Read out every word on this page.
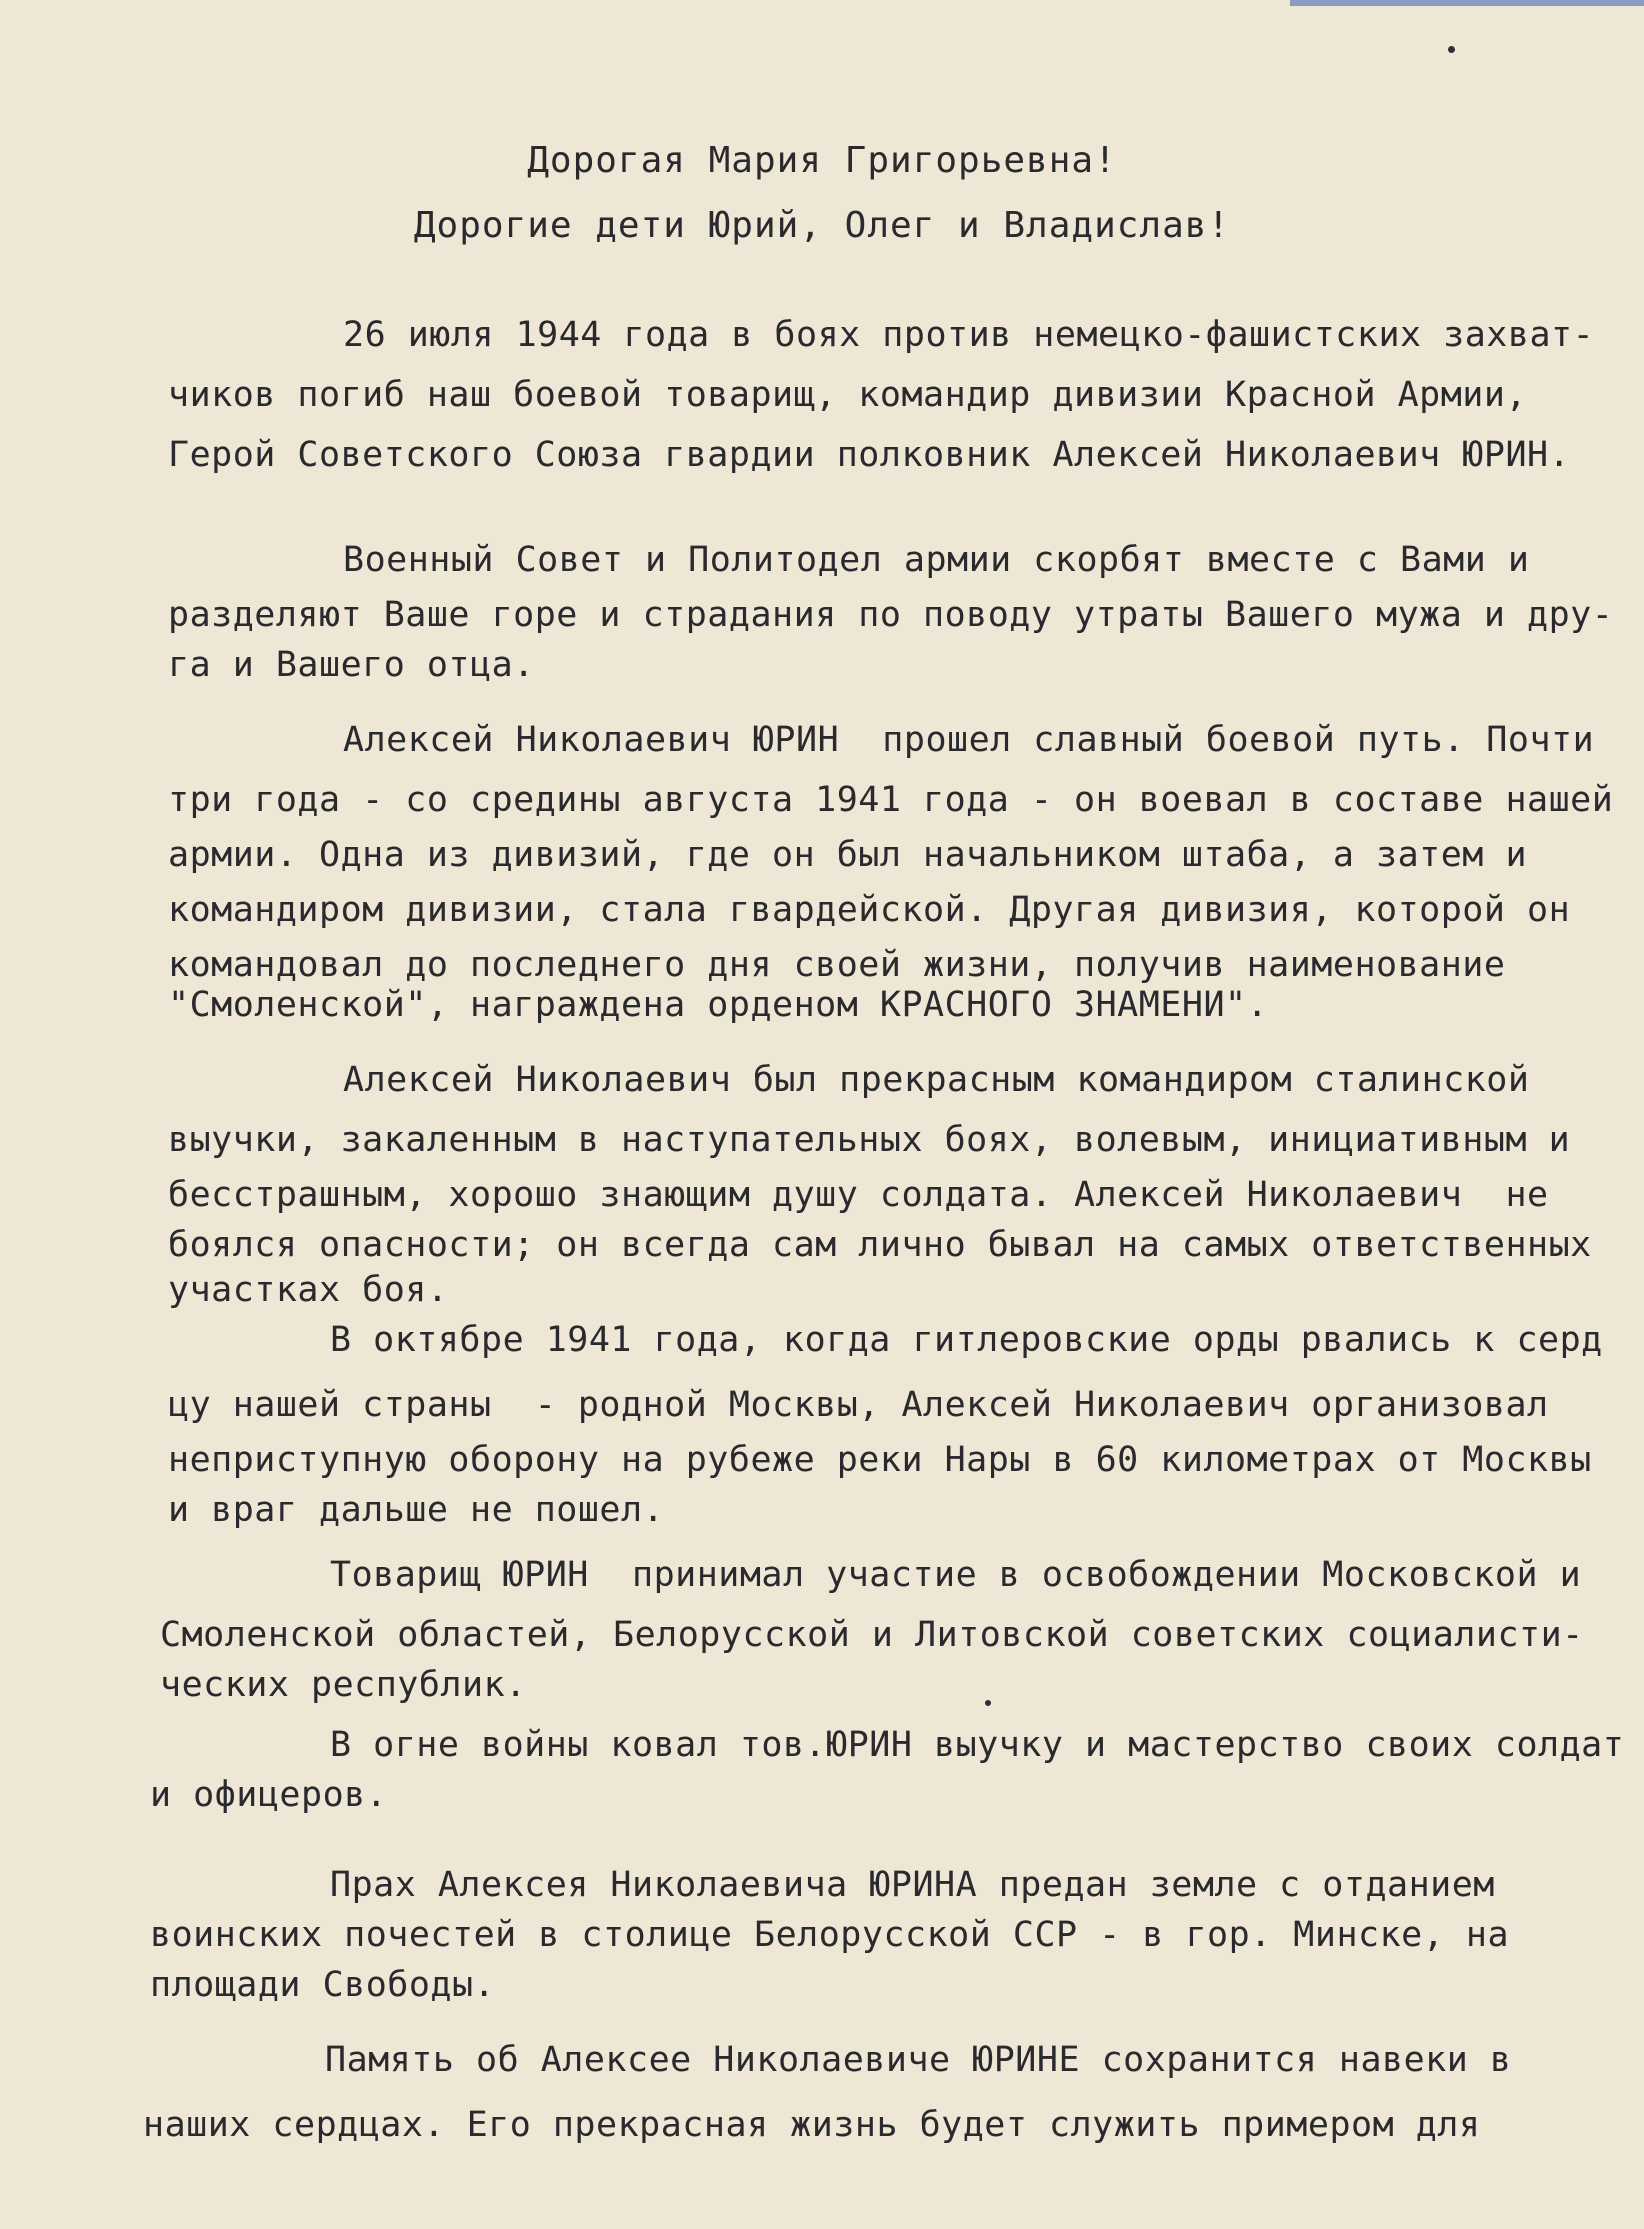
Дорогая Мария Григорьевна!
Дорогие дети Юрий, Олег и Владислав!
26 июля 1944 года в боях против немецко-фашистских захват-
чиков погиб наш боевой товарищ, командир дивизии Красной Армии,
Герой Советского Союза гвардии полковник Алексей Николаевич ЮРИН.
Военный Совет и Политодел армии скорбят вместе с Вами и
разделяют Ваше горе и страдания по поводу утраты Вашего мужа и дру-
га и Вашего отца.
Алексей Николаевич ЮРИН  прошел славный боевой путь. Почти
три года - со средины августа 1941 года - он воевал в составе нашей
армии. Одна из дивизий, где он был начальником штаба, а затем и
командиром дивизии, стала гвардейской. Другая дивизия, которой он
командовал до последнего дня своей жизни, получив наименование
"Смоленской", награждена орденом КРАСНОГО ЗНАМЕНИ".
Алексей Николаевич был прекрасным командиром сталинской
выучки, закаленным в наступательных боях, волевым, инициативным и
бесстрашным, хорошо знающим душу солдата. Алексей Николаевич  не
боялся опасности; он всегда сам лично бывал на самых ответственных
участках боя.
В октябре 1941 года, когда гитлеровские орды рвались к серд
цу нашей страны  - родной Москвы, Алексей Николаевич организовал
неприступную оборону на рубеже реки Нары в 60 километрах от Москвы
и враг дальше не пошел.
Товарищ ЮРИН  принимал участие в освобождении Московской и
Смоленской областей, Белорусской и Литовской советских социалисти-
ческих республик.
В огне войны ковал тов.ЮРИН выучку и мастерство своих солдат
и офицеров.
Прах Алексея Николаевича ЮРИНА предан земле с отданием
воинских почестей в столице Белорусской ССР - в гор. Минске, на
площади Свободы.
Память об Алексее Николаевиче ЮРИНЕ сохранится навеки в
наших сердцах. Его прекрасная жизнь будет служить примером для
